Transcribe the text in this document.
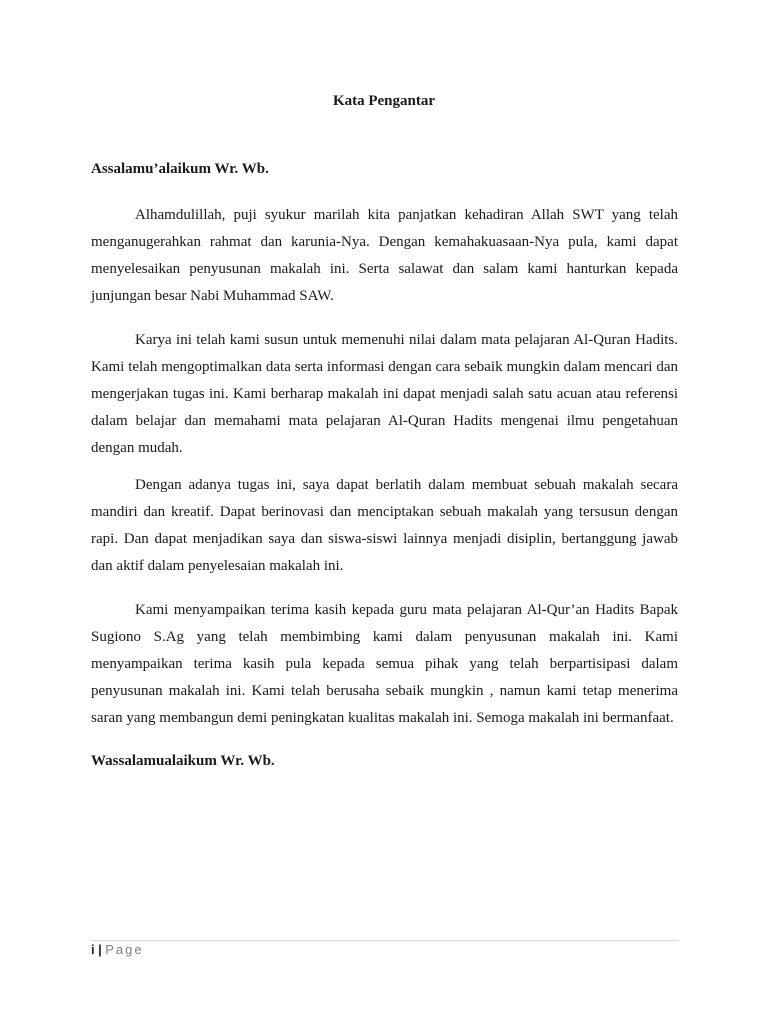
Kata Pengantar

Assalamu’alaikum Wr. Wb.

Alhamdulillah, puji syukur marilah kita panjatkan kehadiran Allah SWT yang telah menganugerahkan rahmat dan karunia-Nya. Dengan kemahakuasaan-Nya pula, kami dapat menyelesaikan penyusunan makalah ini. Serta salawat dan salam kami hanturkan kepada junjungan besar Nabi Muhammad SAW.

Karya ini telah kami susun untuk memenuhi nilai dalam mata pelajaran Al-Quran Hadits. Kami telah mengoptimalkan data serta informasi dengan cara sebaik mungkin dalam mencari dan mengerjakan tugas ini. Kami berharap makalah ini dapat menjadi salah satu acuan atau referensi dalam belajar dan memahami mata pelajaran Al-Quran Hadits mengenai ilmu pengetahuan dengan mudah.

Dengan adanya tugas ini, saya dapat berlatih dalam membuat sebuah makalah secara mandiri dan kreatif. Dapat berinovasi dan menciptakan sebuah makalah yang tersusun dengan rapi. Dan dapat menjadikan saya dan siswa-siswi lainnya menjadi disiplin, bertanggung jawab dan aktif dalam penyelesaian makalah ini.

Kami menyampaikan terima kasih kepada guru mata pelajaran Al-Qur’an Hadits Bapak Sugiono S.Ag yang telah membimbing kami dalam penyusunan makalah ini. Kami menyampaikan terima kasih pula kepada semua pihak yang telah berpartisipasi dalam penyusunan makalah ini. Kami telah berusaha sebaik mungkin , namun kami tetap menerima saran yang membangun demi peningkatan kualitas makalah ini. Semoga makalah ini bermanfaat.

Wassalamualaikum Wr. Wb.

i | Page
